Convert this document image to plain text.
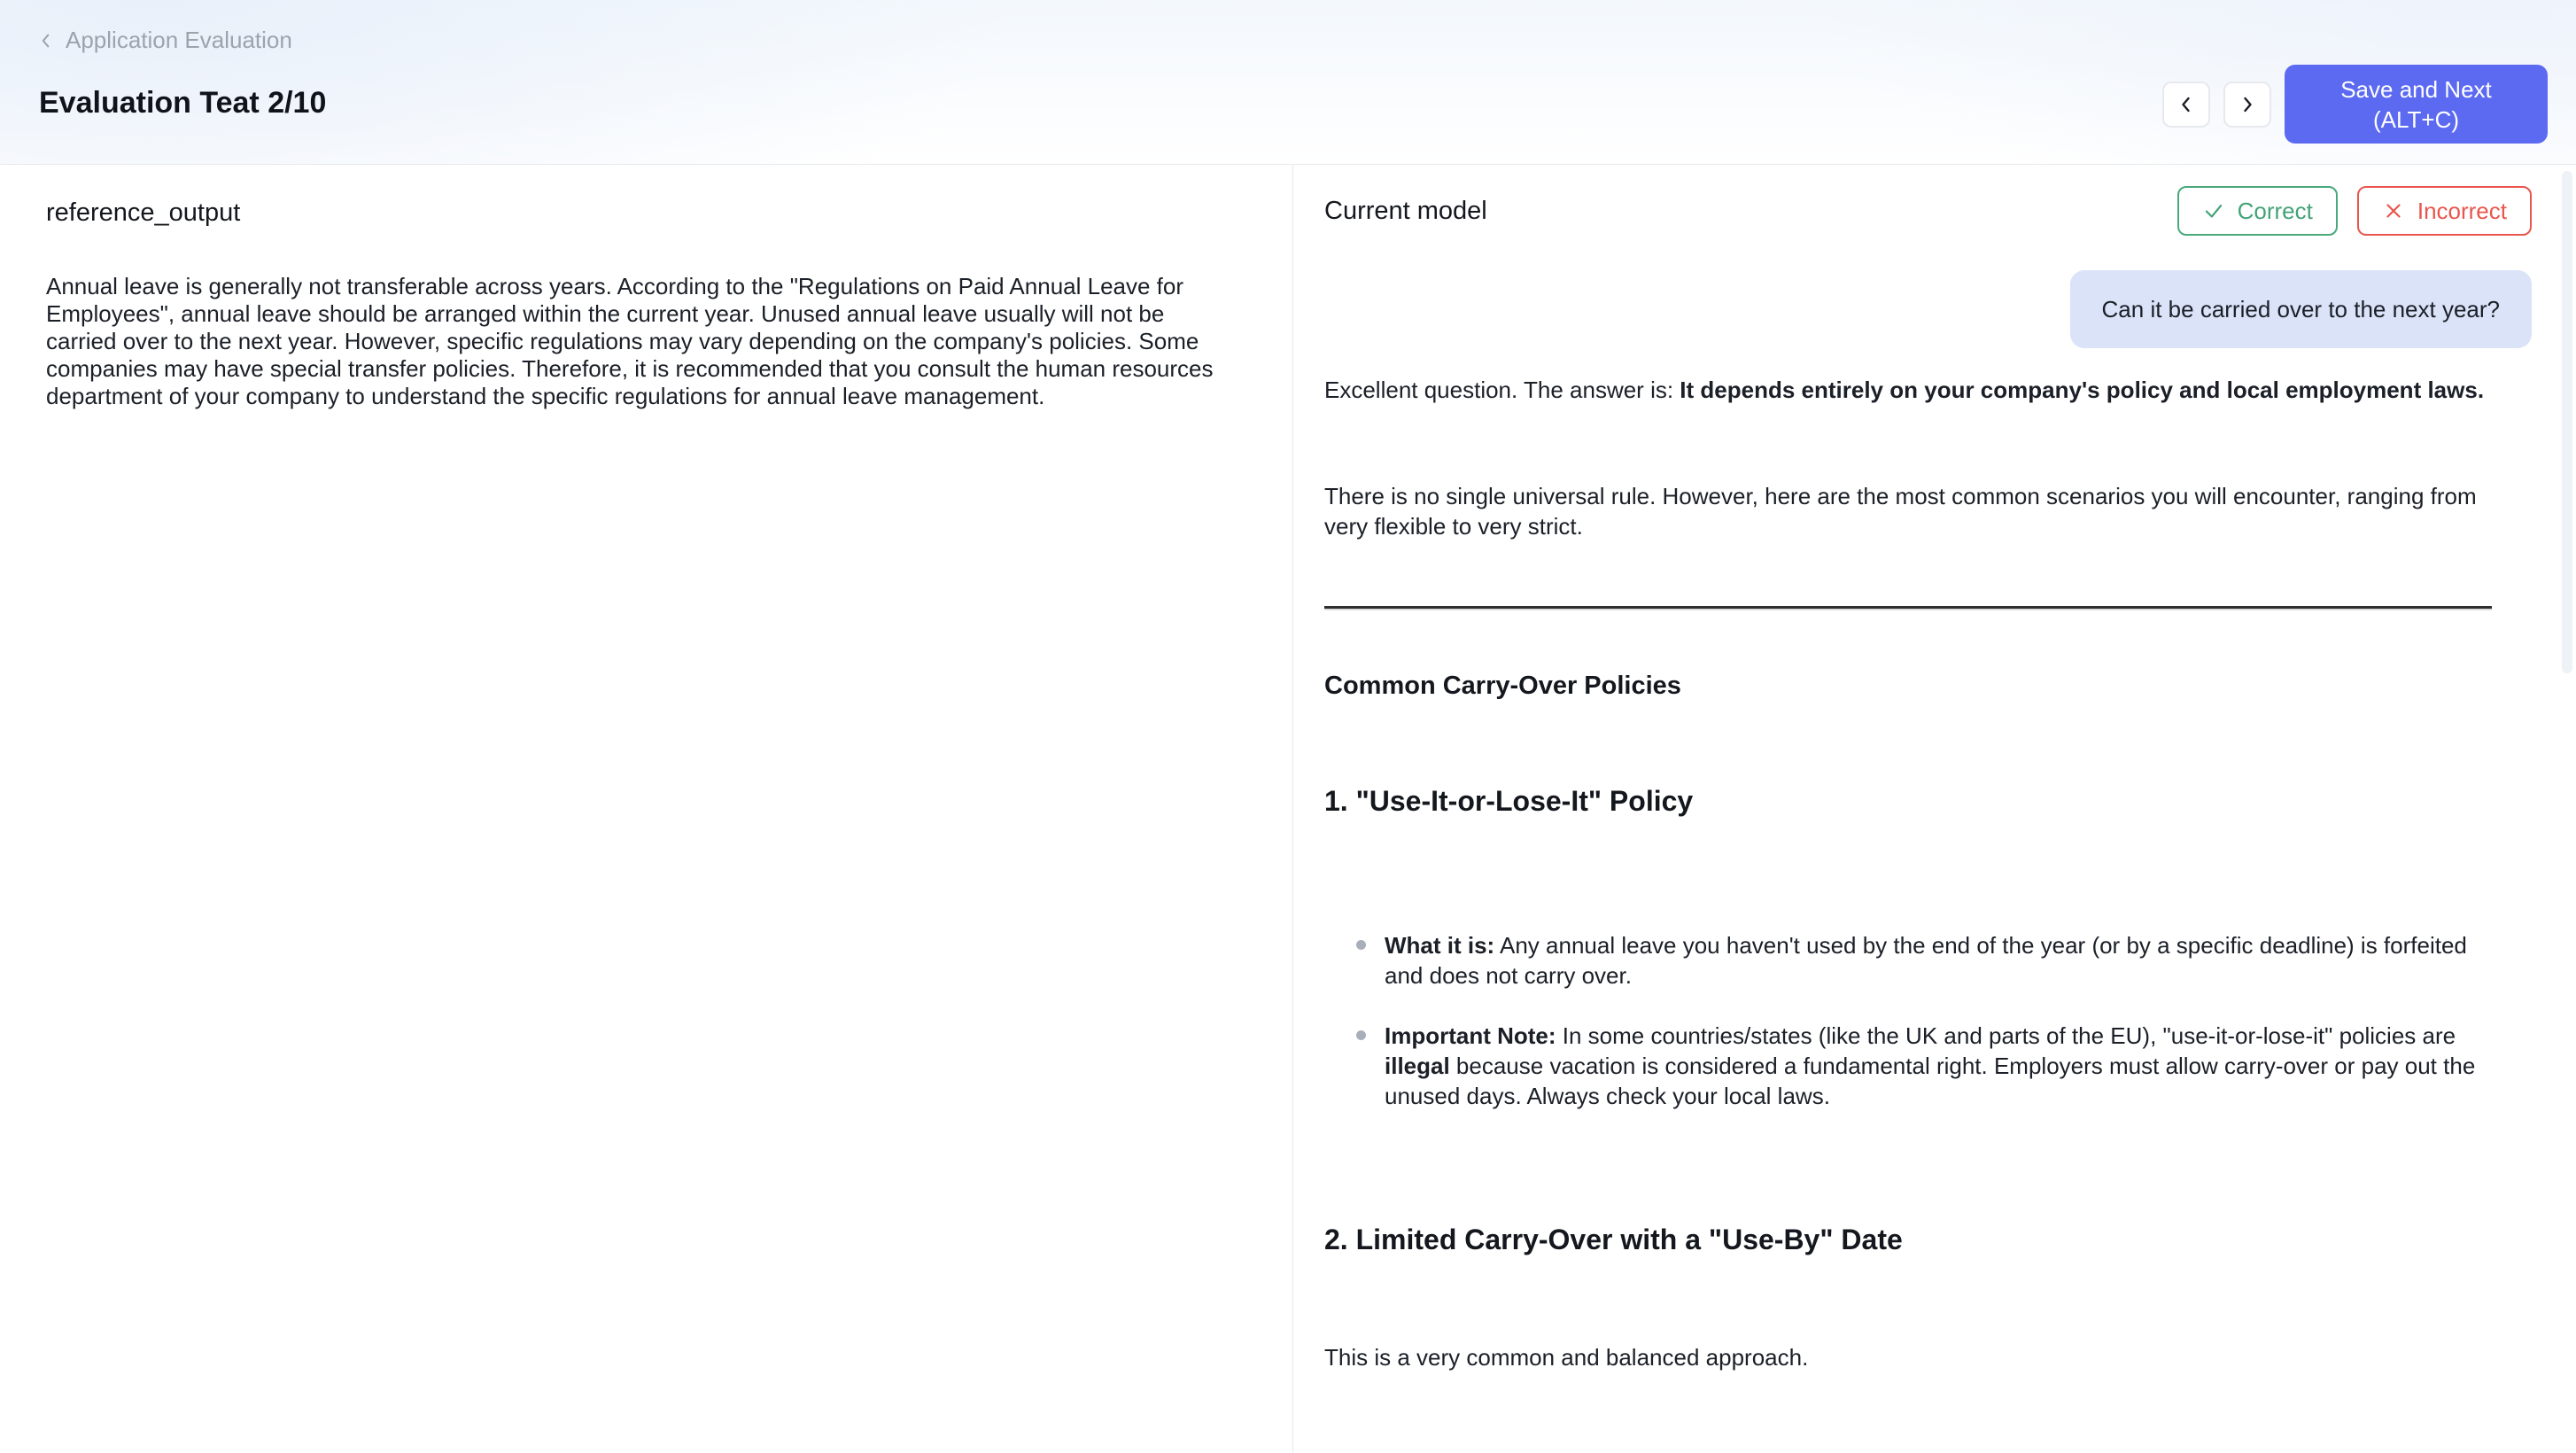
Application Evaluation
Evaluation Teat 2/10	Save and Next
(ALT+C)
reference_output

Annual leave is generally not transferable across years. According to the "Regulations on Paid Annual Leave for Employees", annual leave should be arranged within the current year. Unused annual leave usually will not be carried over to the next year. However, specific regulations may vary depending on the company's policies. Some companies may have special transfer policies. Therefore, it is recommended that you consult the human resources department of your company to understand the specific regulations for annual leave management.

Current model	Correct	Incorrect
Can it be carried over to the next year?

Excellent question. The answer is: It depends entirely on your company's policy and local employment laws.

There is no single universal rule. However, here are the most common scenarios you will encounter, ranging from very flexible to very strict.

Common Carry-Over Policies
1. "Use-It-or-Lose-It" Policy
What it is: Any annual leave you haven't used by the end of the year (or by a specific deadline) is forfeited and does not carry over.
Important Note: In some countries/states (like the UK and parts of the EU), "use-it-or-lose-it" policies are illegal because vacation is considered a fundamental right. Employers must allow carry-over or pay out the unused days. Always check your local laws.
2. Limited Carry-Over with a "Use-By" Date

This is a very common and balanced approach.
